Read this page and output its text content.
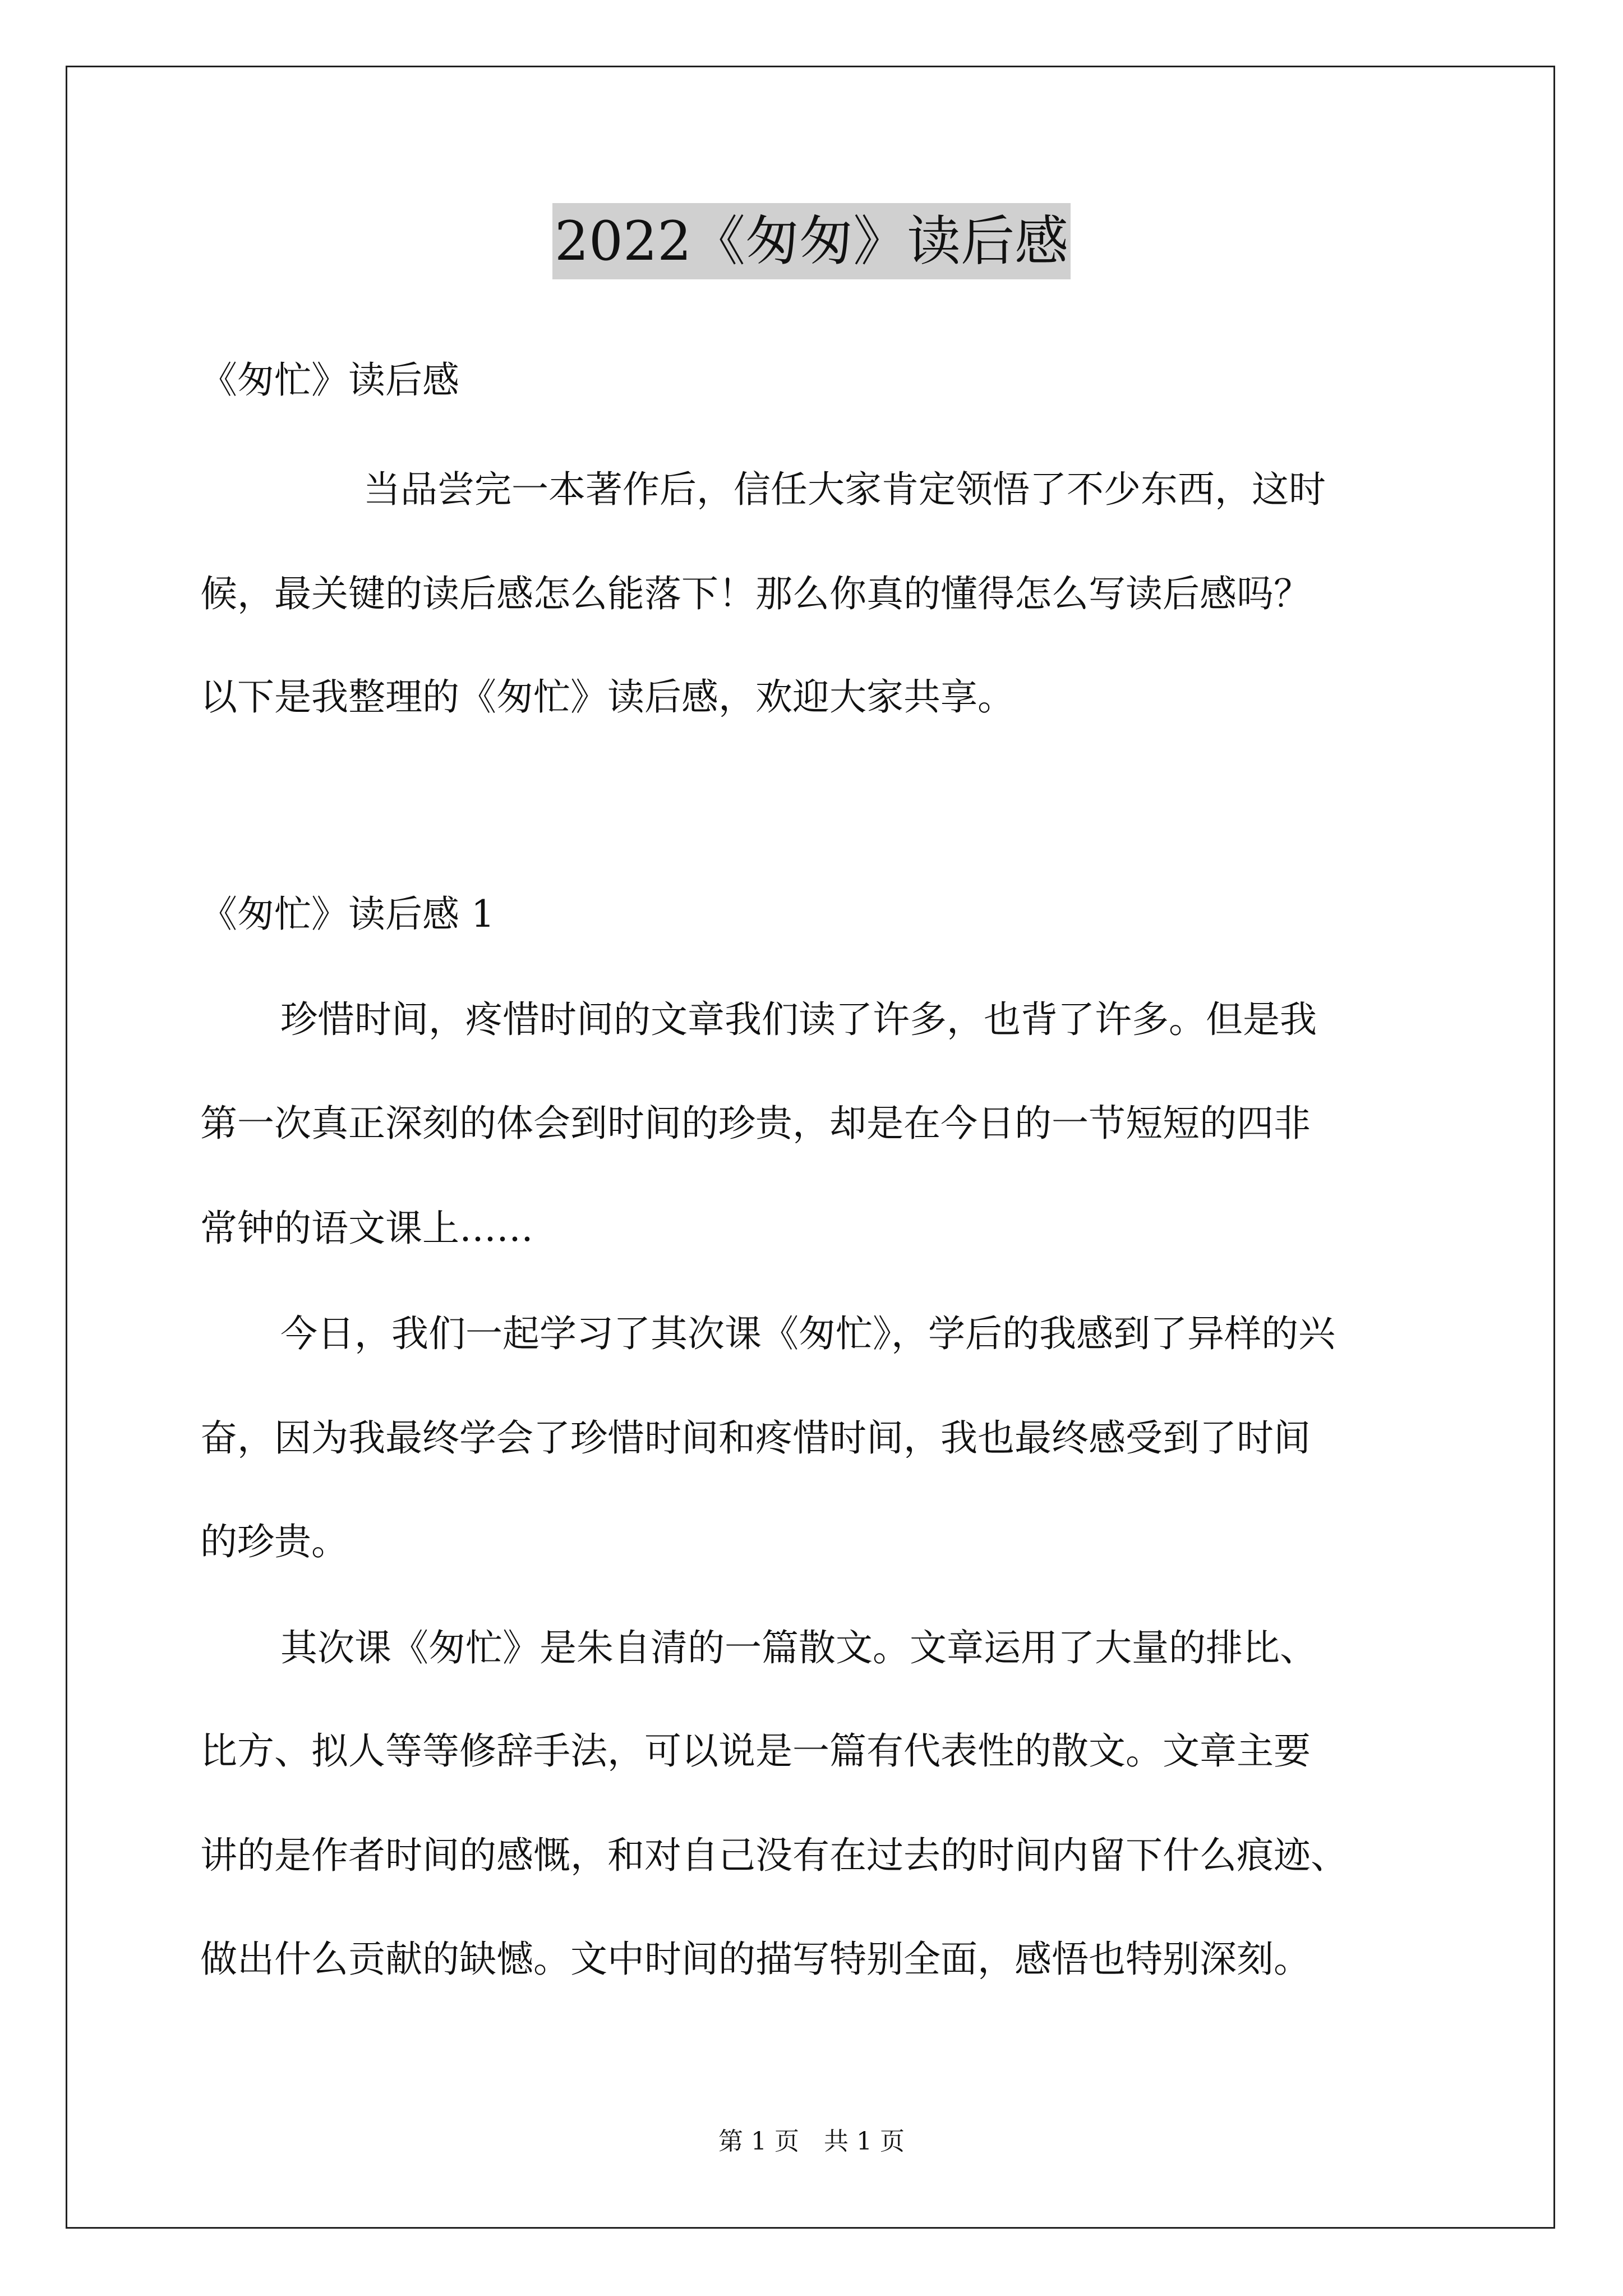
2022《匆匆》读后感
《匆忙》读后感
当品尝完一本著作后，信任大家肯定领悟了不少东西，这时
候，最关键的读后感怎么能落下！那么你真的懂得怎么写读后感吗？
以下是我整理的《匆忙》读后感，欢迎大家共享。
《匆忙》读后感 1
珍惜时间，疼惜时间的文章我们读了许多，也背了许多。但是我
第一次真正深刻的体会到时间的珍贵，却是在今日的一节短短的四非
常钟的语文课上……
今日，我们一起学习了其次课《匆忙》，学后的我感到了异样的兴
奋，因为我最终学会了珍惜时间和疼惜时间，我也最终感受到了时间
的珍贵。
其次课《匆忙》是朱自清的一篇散文。文章运用了大量的排比、
比方、拟人等等修辞手法，可以说是一篇有代表性的散文。文章主要
讲的是作者时间的感慨，和对自己没有在过去的时间内留下什么痕迹、
做出什么贡献的缺憾。文中时间的描写特别全面，感悟也特别深刻。
第 1 页　共 1 页
